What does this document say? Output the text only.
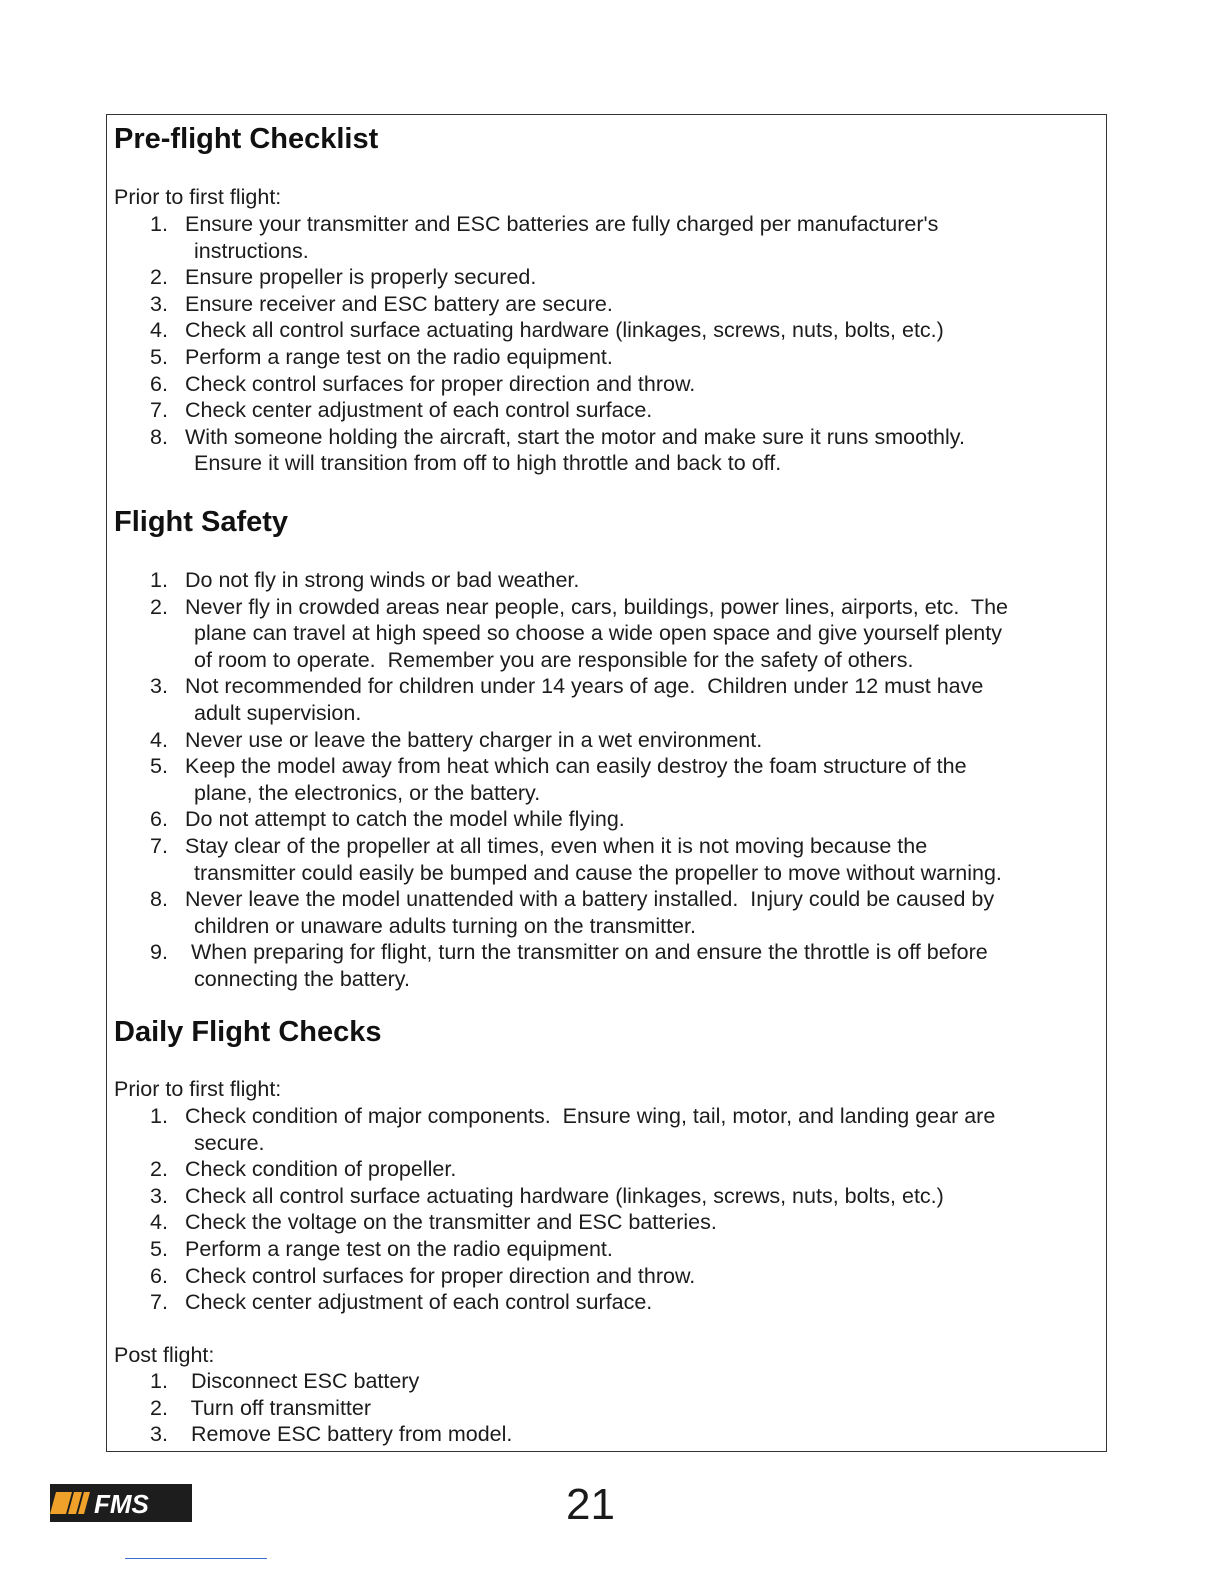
Pre-flight Checklist

Prior to first flight:

1. Ensure your transmitter and ESC batteries are fully charged per manufacturer's
instructions.
2. Ensure propeller is properly secured.
3. Ensure receiver and ESC battery are secure.
4. Check all control surface actuating hardware (linkages, screws, nuts, bolts, etc.)
5. Perform a range test on the radio equipment.
6. Check control surfaces for proper direction and throw.
7. Check center adjustment of each control surface.
8. With someone holding the aircraft, start the motor and make sure it runs smoothly.
Ensure it will transition from off to high throttle and back to off.
Flight Safety
1. Do not fly in strong winds or bad weather.
2. Never fly in crowded areas near people, cars, buildings, power lines, airports, etc.  The
plane can travel at high speed so choose a wide open space and give yourself plenty
of room to operate.  Remember you are responsible for the safety of others.
3. Not recommended for children under 14 years of age.  Children under 12 must have
adult supervision.
4. Never use or leave the battery charger in a wet environment.
5. Keep the model away from heat which can easily destroy the foam structure of the
plane, the electronics, or the battery.
6. Do not attempt to catch the model while flying.
7. Stay clear of the propeller at all times, even when it is not moving because the
transmitter could easily be bumped and cause the propeller to move without warning.
8. Never leave the model unattended with a battery installed.  Injury could be caused by
children or unaware adults turning on the transmitter.
9. When preparing for flight, turn the transmitter on and ensure the throttle is off before
connecting the battery.
Daily Flight Checks

Prior to first flight:

1. Check condition of major components.  Ensure wing, tail, motor, and landing gear are
secure.
2. Check condition of propeller.
3. Check all control surface actuating hardware (linkages, screws, nuts, bolts, etc.)
4. Check the voltage on the transmitter and ESC batteries.
5. Perform a range test on the radio equipment.
6. Check control surfaces for proper direction and throw.
7. Check center adjustment of each control surface.

Post flight:

1. Disconnect ESC battery
2. Turn off transmitter
3. Remove ESC battery from model.
FMS	21
